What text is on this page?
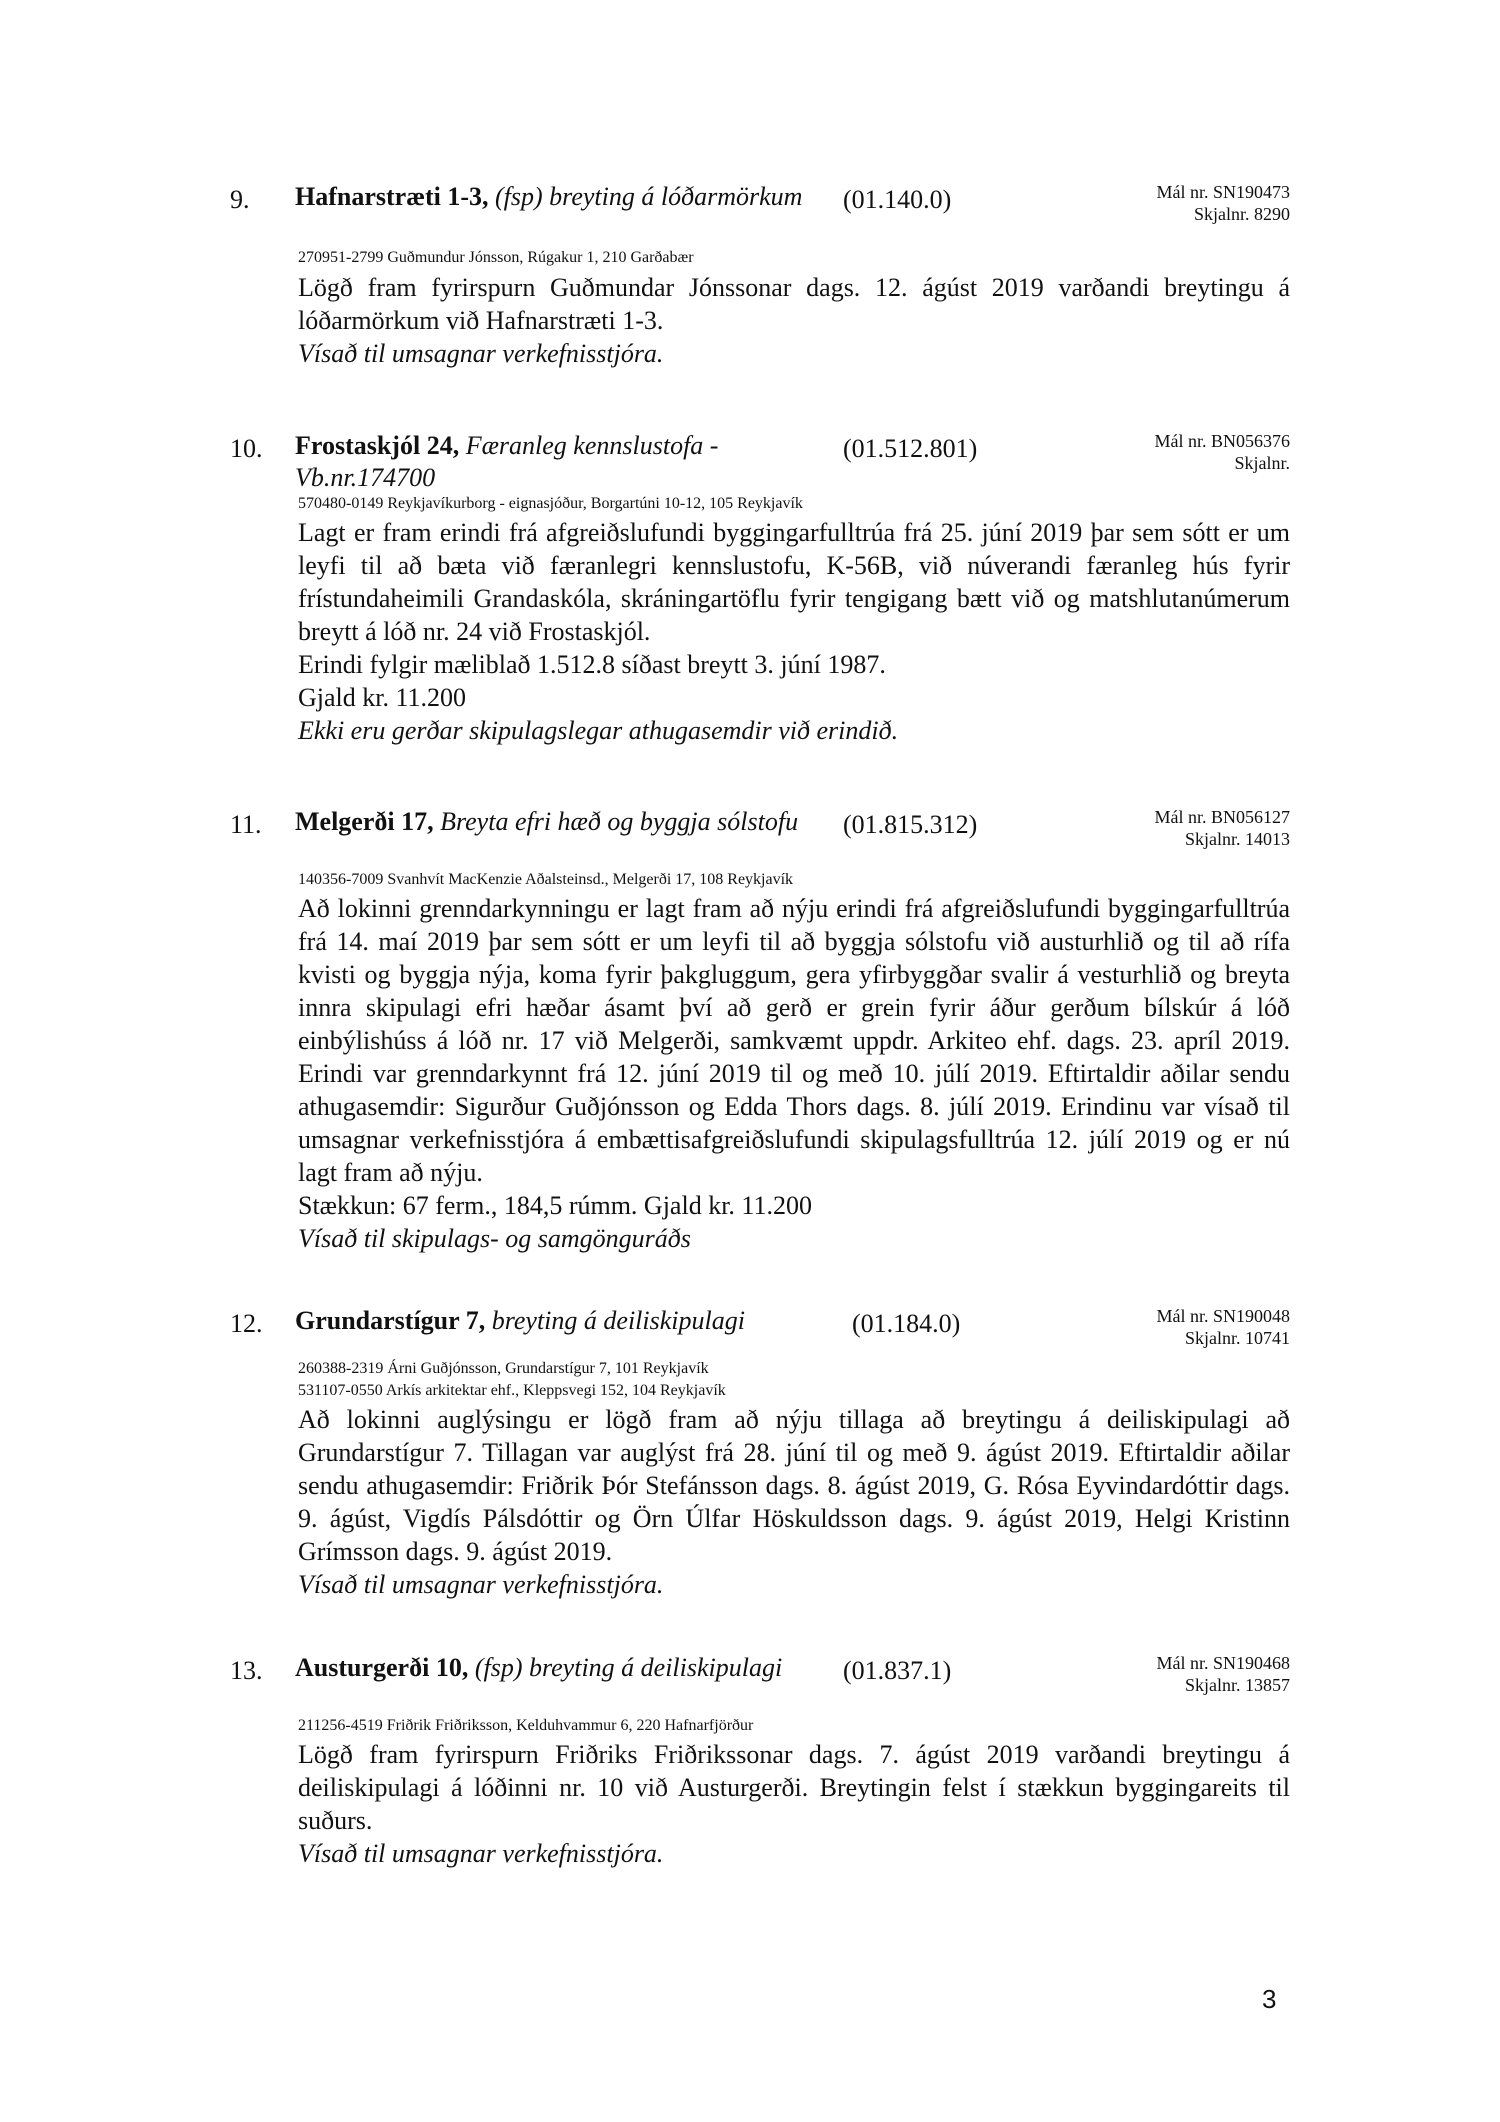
9. Hafnarstræti 1-3, (fsp) breyting á lóðarmörkum	(01.140.0)	Mál nr. SN190473
Skjalnr. 8290
270951-2799 Guðmundur Jónsson, Rúgakur 1, 210 Garðabær

Lögð fram fyrirspurn Guðmundar Jónssonar dags. 12. ágúst 2019 varðandi breytingu á lóðarmörkum við Hafnarstræti 1-3.

Vísað til umsagnar verkefnisstjóra.

10. Frostaskjól 24, Færanleg kennslustofa - Vb.nr.174700
(01.512.801)	Mál nr. BN056376
Skjalnr.
570480-0149 Reykjavíkurborg - eignasjóður, Borgartúni 10-12, 105 Reykjavík

Lagt er fram erindi frá afgreiðslufundi byggingarfulltrúa frá 25. júní 2019 þar sem sótt er um leyfi til að bæta við færanlegri kennslustofu, K-56B, við núverandi færanleg hús fyrir frístundaheimili Grandaskóla, skráningartöflu fyrir tengigang bætt við og matshlutanúmerum breytt á lóð nr. 24 við Frostaskjól.

Erindi fylgir mæliblað 1.512.8 síðast breytt 3. júní 1987.

Gjald kr. 11.200

Ekki eru gerðar skipulagslegar athugasemdir við erindið.

11. Melgerði 17, Breyta efri hæð og byggja sólstofu	(01.815.312)	Mál nr. BN056127
Skjalnr. 14013
140356-7009 Svanhvít MacKenzie Aðalsteinsd., Melgerði 17, 108 Reykjavík

Að lokinni grenndarkynningu er lagt fram að nýju erindi frá afgreiðslufundi byggingarfulltrúa frá 14. maí 2019 þar sem sótt er um leyfi til að byggja sólstofu við austurhlið og til að rífa kvisti og byggja nýja, koma fyrir þakgluggum, gera yfirbyggðar svalir á vesturhlið og breyta innra skipulagi efri hæðar ásamt því að gerð er grein fyrir áður gerðum bílskúr á lóð einbýlishúss á lóð nr. 17 við Melgerði, samkvæmt uppdr. Arkiteo ehf. dags. 23. apríl 2019. Erindi var grenndarkynnt frá 12. júní 2019 til og með 10. júlí 2019. Eftirtaldir aðilar sendu athugasemdir: Sigurður Guðjónsson og Edda Thors dags. 8. júlí 2019. Erindinu var vísað til umsagnar verkefnisstjóra á embættisafgreiðslufundi skipulagsfulltrúa 12. júlí 2019 og er nú lagt fram að nýju.

Stækkun: 67 ferm., 184,5 rúmm. Gjald kr. 11.200

Vísað til skipulags- og samgönguráðs

12. Grundarstígur 7, breyting á deiliskipulagi	(01.184.0)	Mál nr. SN190048
Skjalnr. 10741
260388-2319 Árni Guðjónsson, Grundarstígur 7, 101 Reykjavík
531107-0550 Arkís arkitektar ehf., Kleppsvegi 152, 104 Reykjavík

Að lokinni auglýsingu er lögð fram að nýju tillaga að breytingu á deiliskipulagi að Grundarstígur 7. Tillagan var auglýst frá 28. júní til og með 9. ágúst 2019. Eftirtaldir aðilar sendu athugasemdir: Friðrik Þór Stefánsson dags. 8. ágúst 2019, G. Rósa Eyvindardóttir dags. 9. ágúst, Vigdís Pálsdóttir og Örn Úlfar Höskuldsson dags. 9. ágúst 2019, Helgi Kristinn Grímsson dags. 9. ágúst 2019.

Vísað til umsagnar verkefnisstjóra.

13. Austurgerði 10, (fsp) breyting á deiliskipulagi	(01.837.1)	Mál nr. SN190468
Skjalnr. 13857
211256-4519 Friðrik Friðriksson, Kelduhvammur 6, 220 Hafnarfjörður

Lögð fram fyrirspurn Friðriks Friðrikssonar dags. 7. ágúst 2019 varðandi breytingu á deiliskipulagi á lóðinni nr. 10 við Austurgerði. Breytingin felst í stækkun byggingareits til suðurs.

Vísað til umsagnar verkefnisstjóra.

3
